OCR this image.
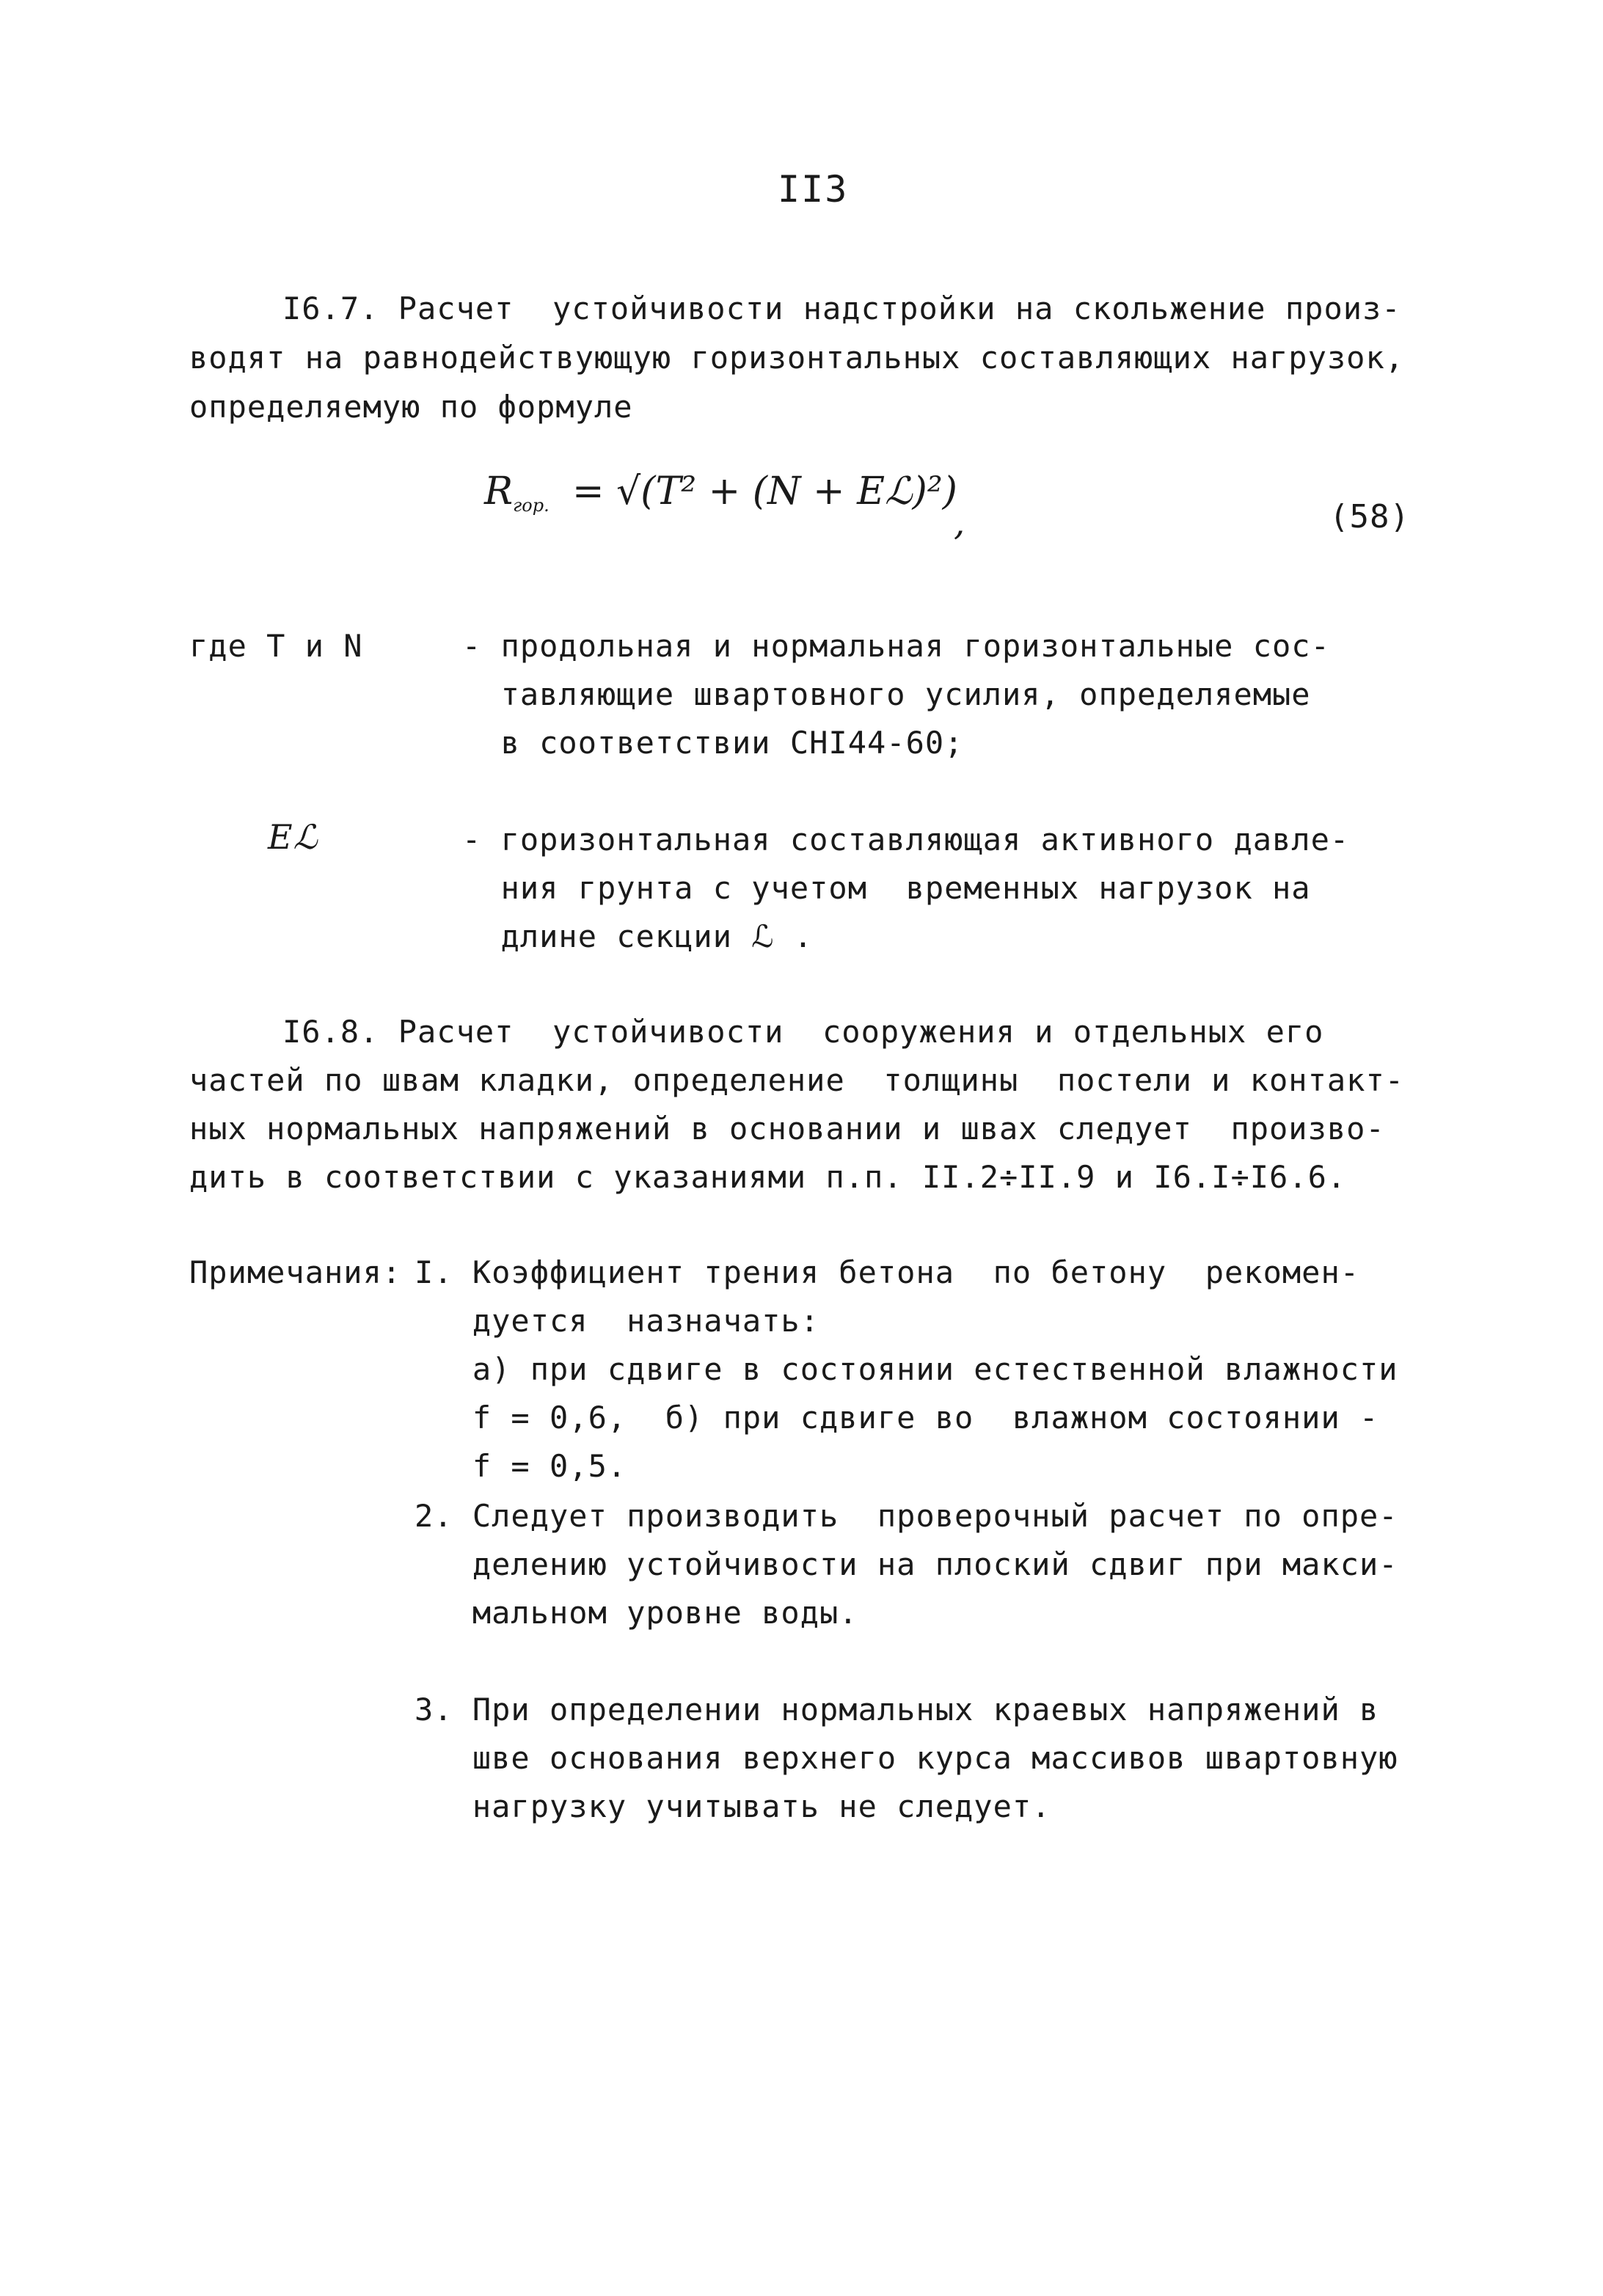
II3
I6.7. Расчет  устойчивости надстройки на скольжение произ-
водят на равнодействующую горизонтальных составляющих нагрузок,
определяемую по формуле
$R_{гор.} = √(T^2 + (N$ + Eℒ)²)
,	(58)
где T и N	- продольная и нормальная горизонтальные сос-
тавляющие швартовного усилия, определяемые
в соответствии СНI44-60;
Eℒ	- горизонтальная составляющая активного давле-
ния грунта с учетом  временных нагрузок на
длине секции ℒ .
I6.8. Расчет  устойчивости  сооружения и отдельных его
частей по швам кладки, определение  толщины  постели и контакт-
ных нормальных напряжений в основании и швах следует  произво-
дить в соответствии с указаниями п.п. II.2÷II.9 и I6.I÷I6.6.
Примечания: I. Коэффициент трения бетона  по бетону  рекомен-
дуется  назначать:
а) при сдвиге в состоянии естественной влажности
f = 0,6,  б) при сдвиге во  влажном состоянии -
f = 0,5.
2. Следует производить  проверочный расчет по опре-
делению устойчивости на плоский сдвиг при макси-
мальном уровне воды.
3. При определении нормальных краевых напряжений в
шве основания верхнего курса массивов швартовную
нагрузку учитывать не следует.
